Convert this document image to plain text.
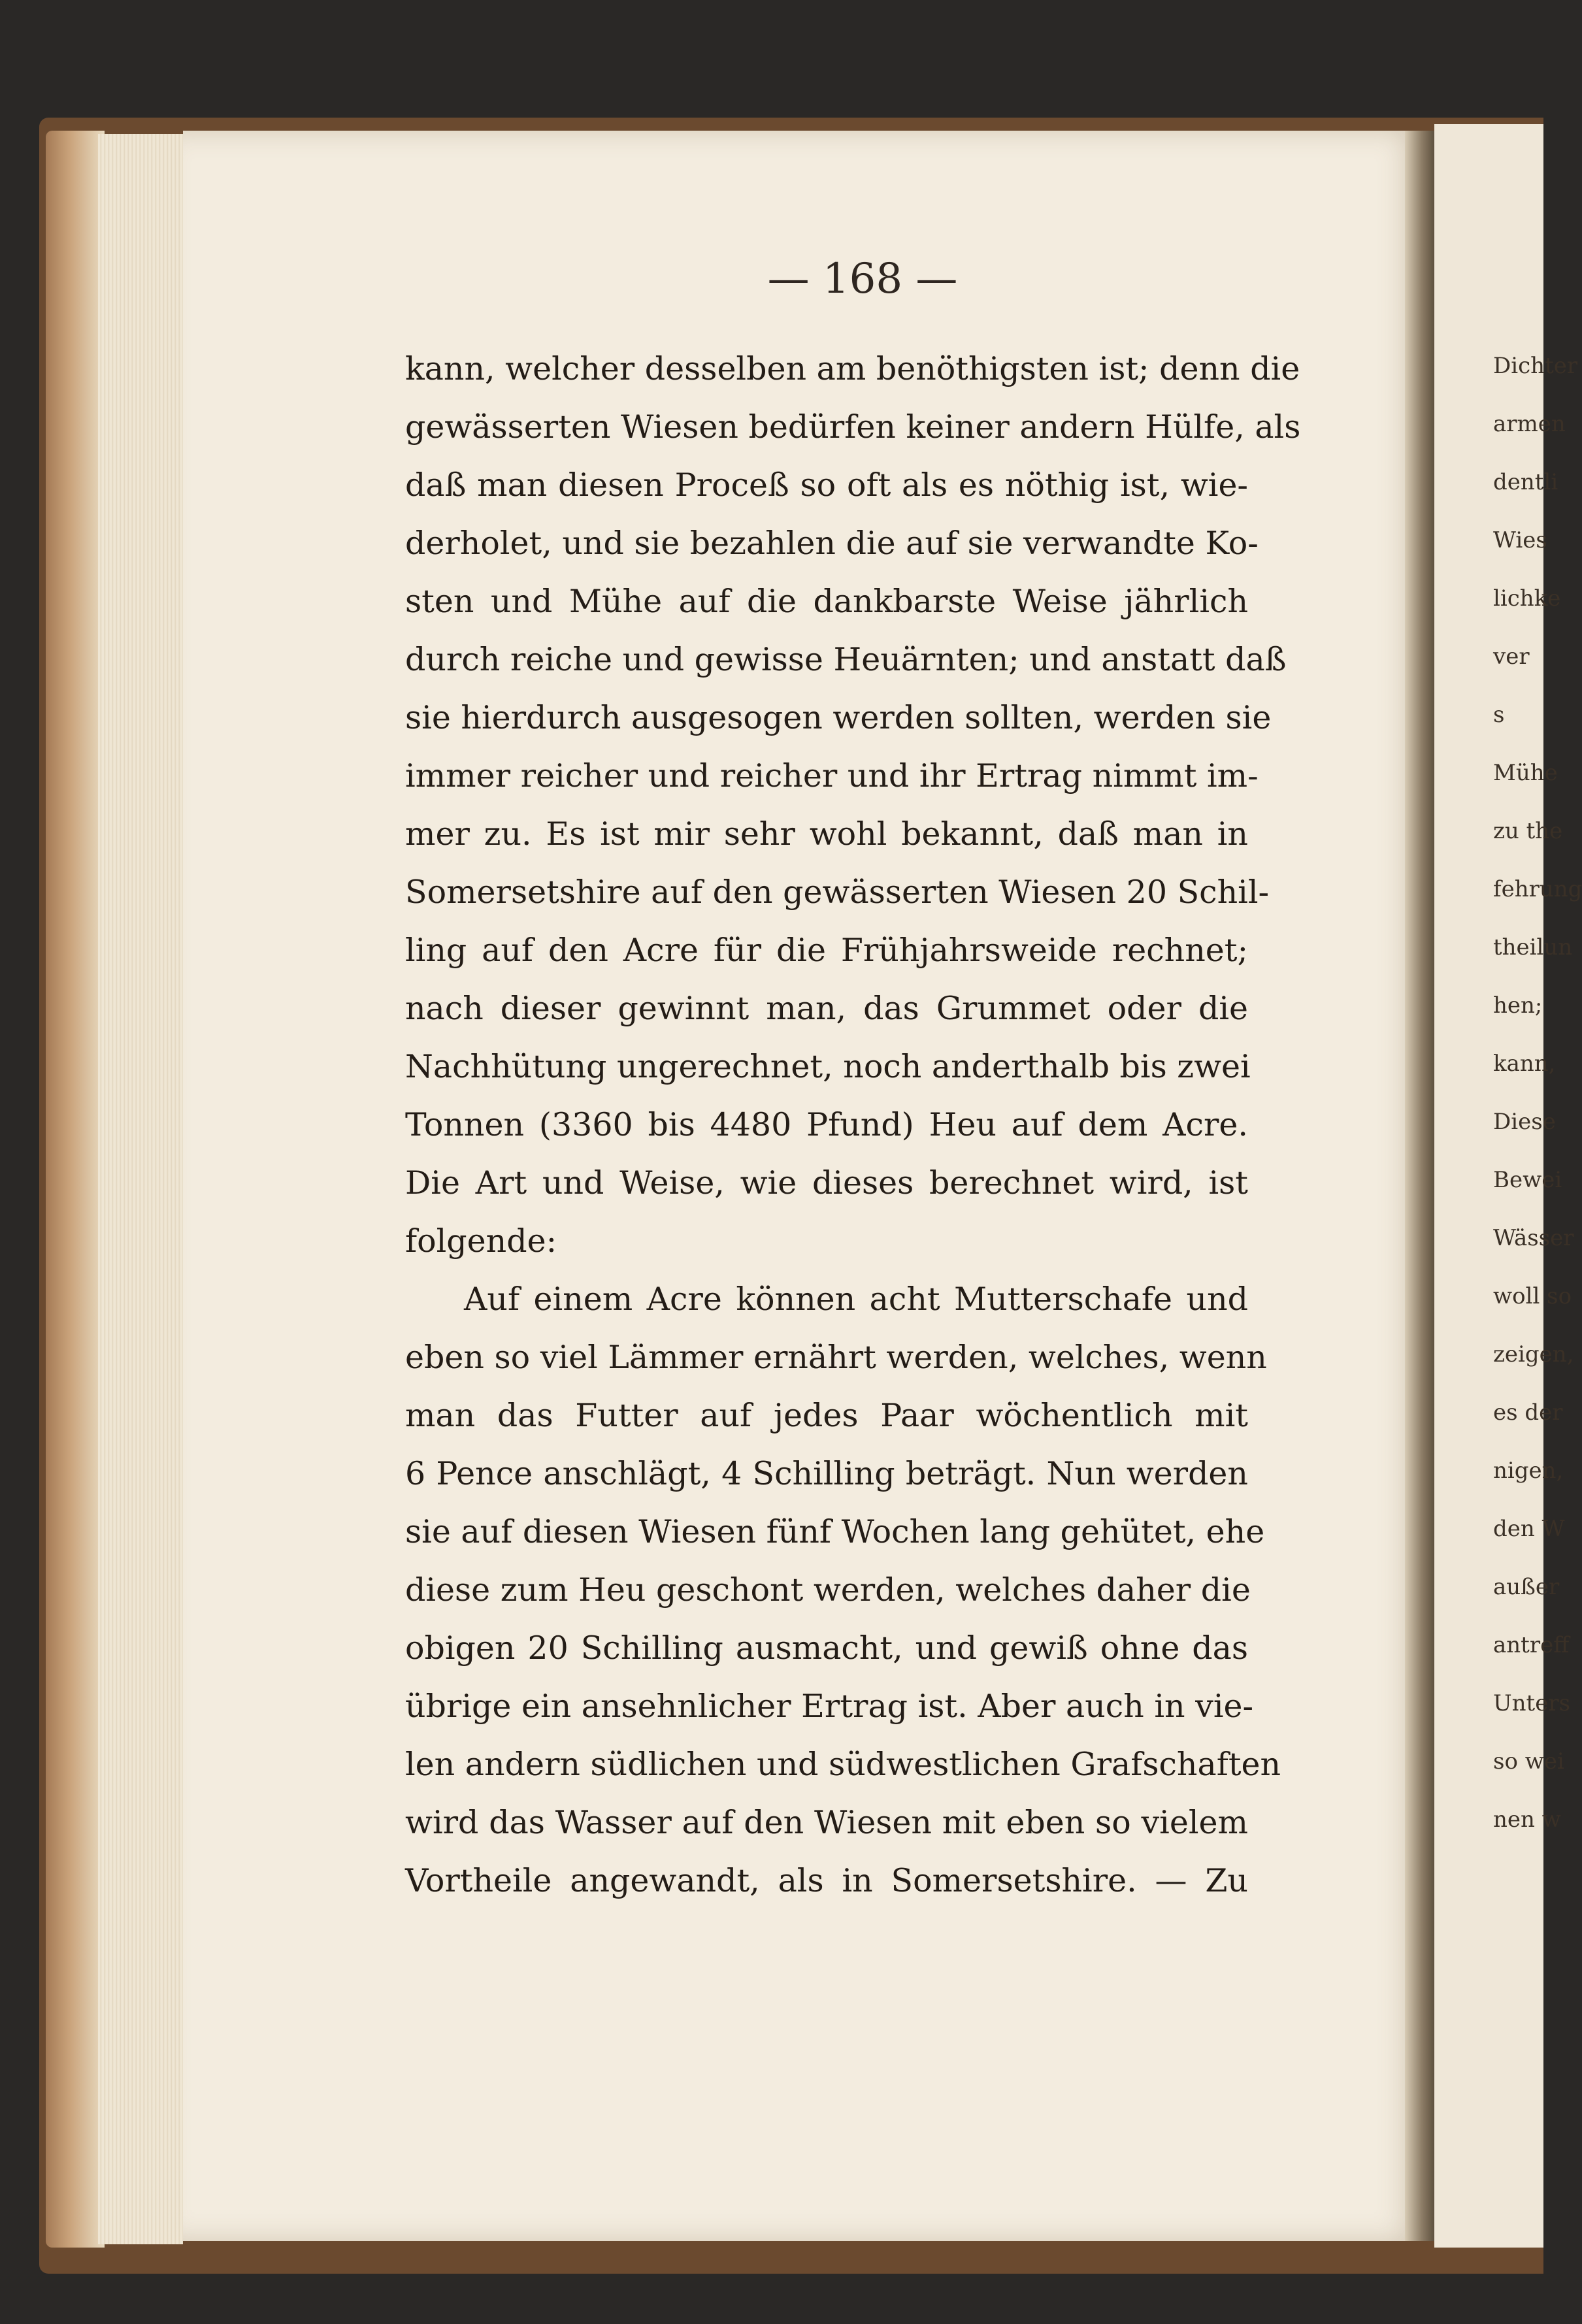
Dichter
armen
dentli
Wies
lichke
ver
s
Mühe
zu the
fehrung
theilun
hen;
kann,
Diese
Bewei
Wässer
woll so
zeigen,
es der
nigen,
den W
außer
antreff
Unters
so wei
nen w
— 168 —
kann, welcher desselben am benöthigsten ist; denn die
gewässerten Wiesen bedürfen keiner andern Hülfe, als
daß man diesen Proceß so oft als es nöthig ist, wie-
derholet, und sie bezahlen die auf sie verwandte Ko-
sten und Mühe auf die dankbarste Weise jährlich
durch reiche und gewisse Heuärnten; und anstatt daß
sie hierdurch ausgesogen werden sollten, werden sie
immer reicher und reicher und ihr Ertrag nimmt im-
mer zu. Es ist mir sehr wohl bekannt, daß man in
Somersetshire auf den gewässerten Wiesen 20 Schil-
ling auf den Acre für die Frühjahrsweide rechnet;
nach dieser gewinnt man, das Grummet oder die
Nachhütung ungerechnet, noch anderthalb bis zwei
Tonnen (3360 bis 4480 Pfund) Heu auf dem Acre.
Die Art und Weise, wie dieses berechnet wird, ist
folgende:
Auf einem Acre können acht Mutterschafe und
eben so viel Lämmer ernährt werden, welches, wenn
man das Futter auf jedes Paar wöchentlich mit
6 Pence anschlägt, 4 Schilling beträgt. Nun werden
sie auf diesen Wiesen fünf Wochen lang gehütet, ehe
diese zum Heu geschont werden, welches daher die
obigen 20 Schilling ausmacht, und gewiß ohne das
übrige ein ansehnlicher Ertrag ist. Aber auch in vie-
len andern südlichen und südwestlichen Grafschaften
wird das Wasser auf den Wiesen mit eben so vielem
Vortheile angewandt, als in Somersetshire. — Zu
